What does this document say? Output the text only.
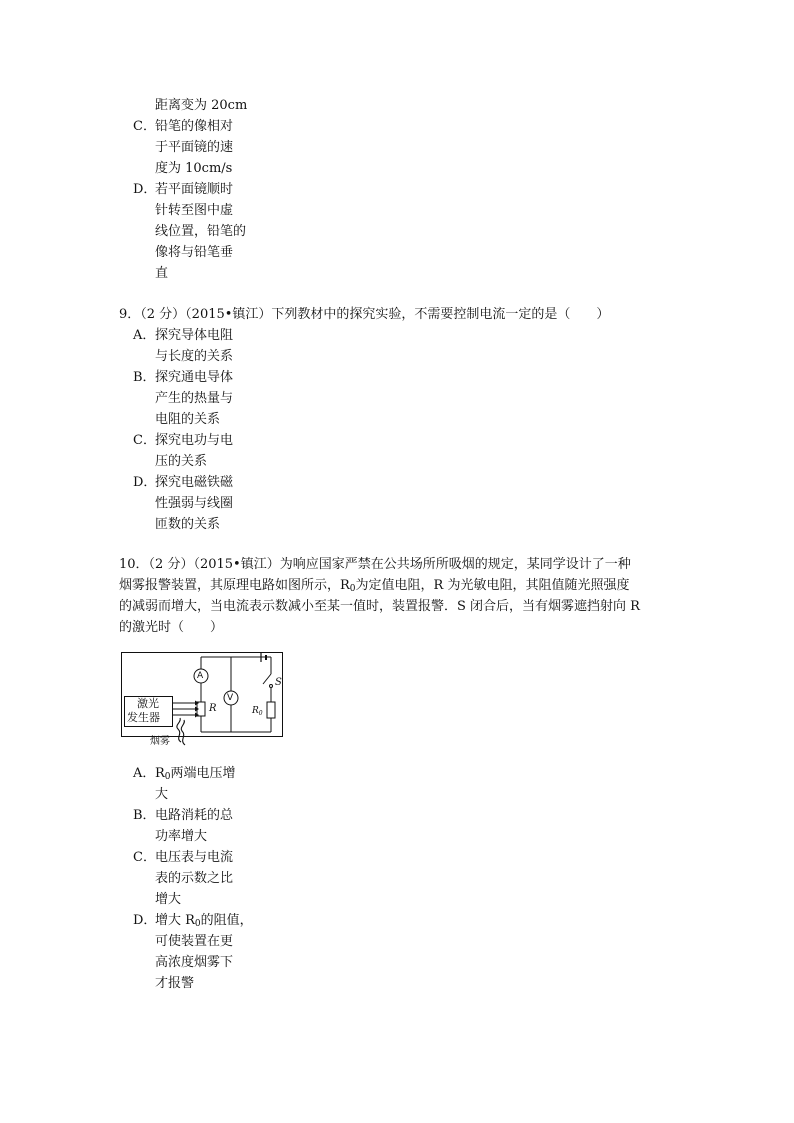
距离变为 20cm
C．铅笔的像相对
于平面镜的速
度为 10cm/s
D．若平面镜顺时
针转至图中虚
线位置，铅笔的
像将与铅笔垂
直
9．（2 分）（2015•镇江）下列教材中的探究实验，不需要控制电流一定的是（　　）
A．探究导体电阻
与长度的关系
B．探究通电导体
产生的热量与
电阻的关系
C．探究电功与电
压的关系
D．探究电磁铁磁
性强弱与线圈
匝数的关系
10．（2 分）（2015•镇江）为响应国家严禁在公共场所所吸烟的规定，某同学设计了一种
烟雾报警装置，其原理电路如图所示，$R_0$为定值电阻，R 为光敏电阻，其阻值随光照强度
的减弱而增大，当电流表示数减小至某一值时，装置报警．S 闭合后，当有烟雾遮挡射向 R
的激光时（　　）
A
V
S
R	$R_0$
激光
发生器
烟雾
A．$R_0$两端电压增
大
B．电路消耗的总
功率增大
C．电压表与电流
表的示数之比
增大
D．增大 $R_0$的阻值，
可使装置在更
高浓度烟雾下
才报警
